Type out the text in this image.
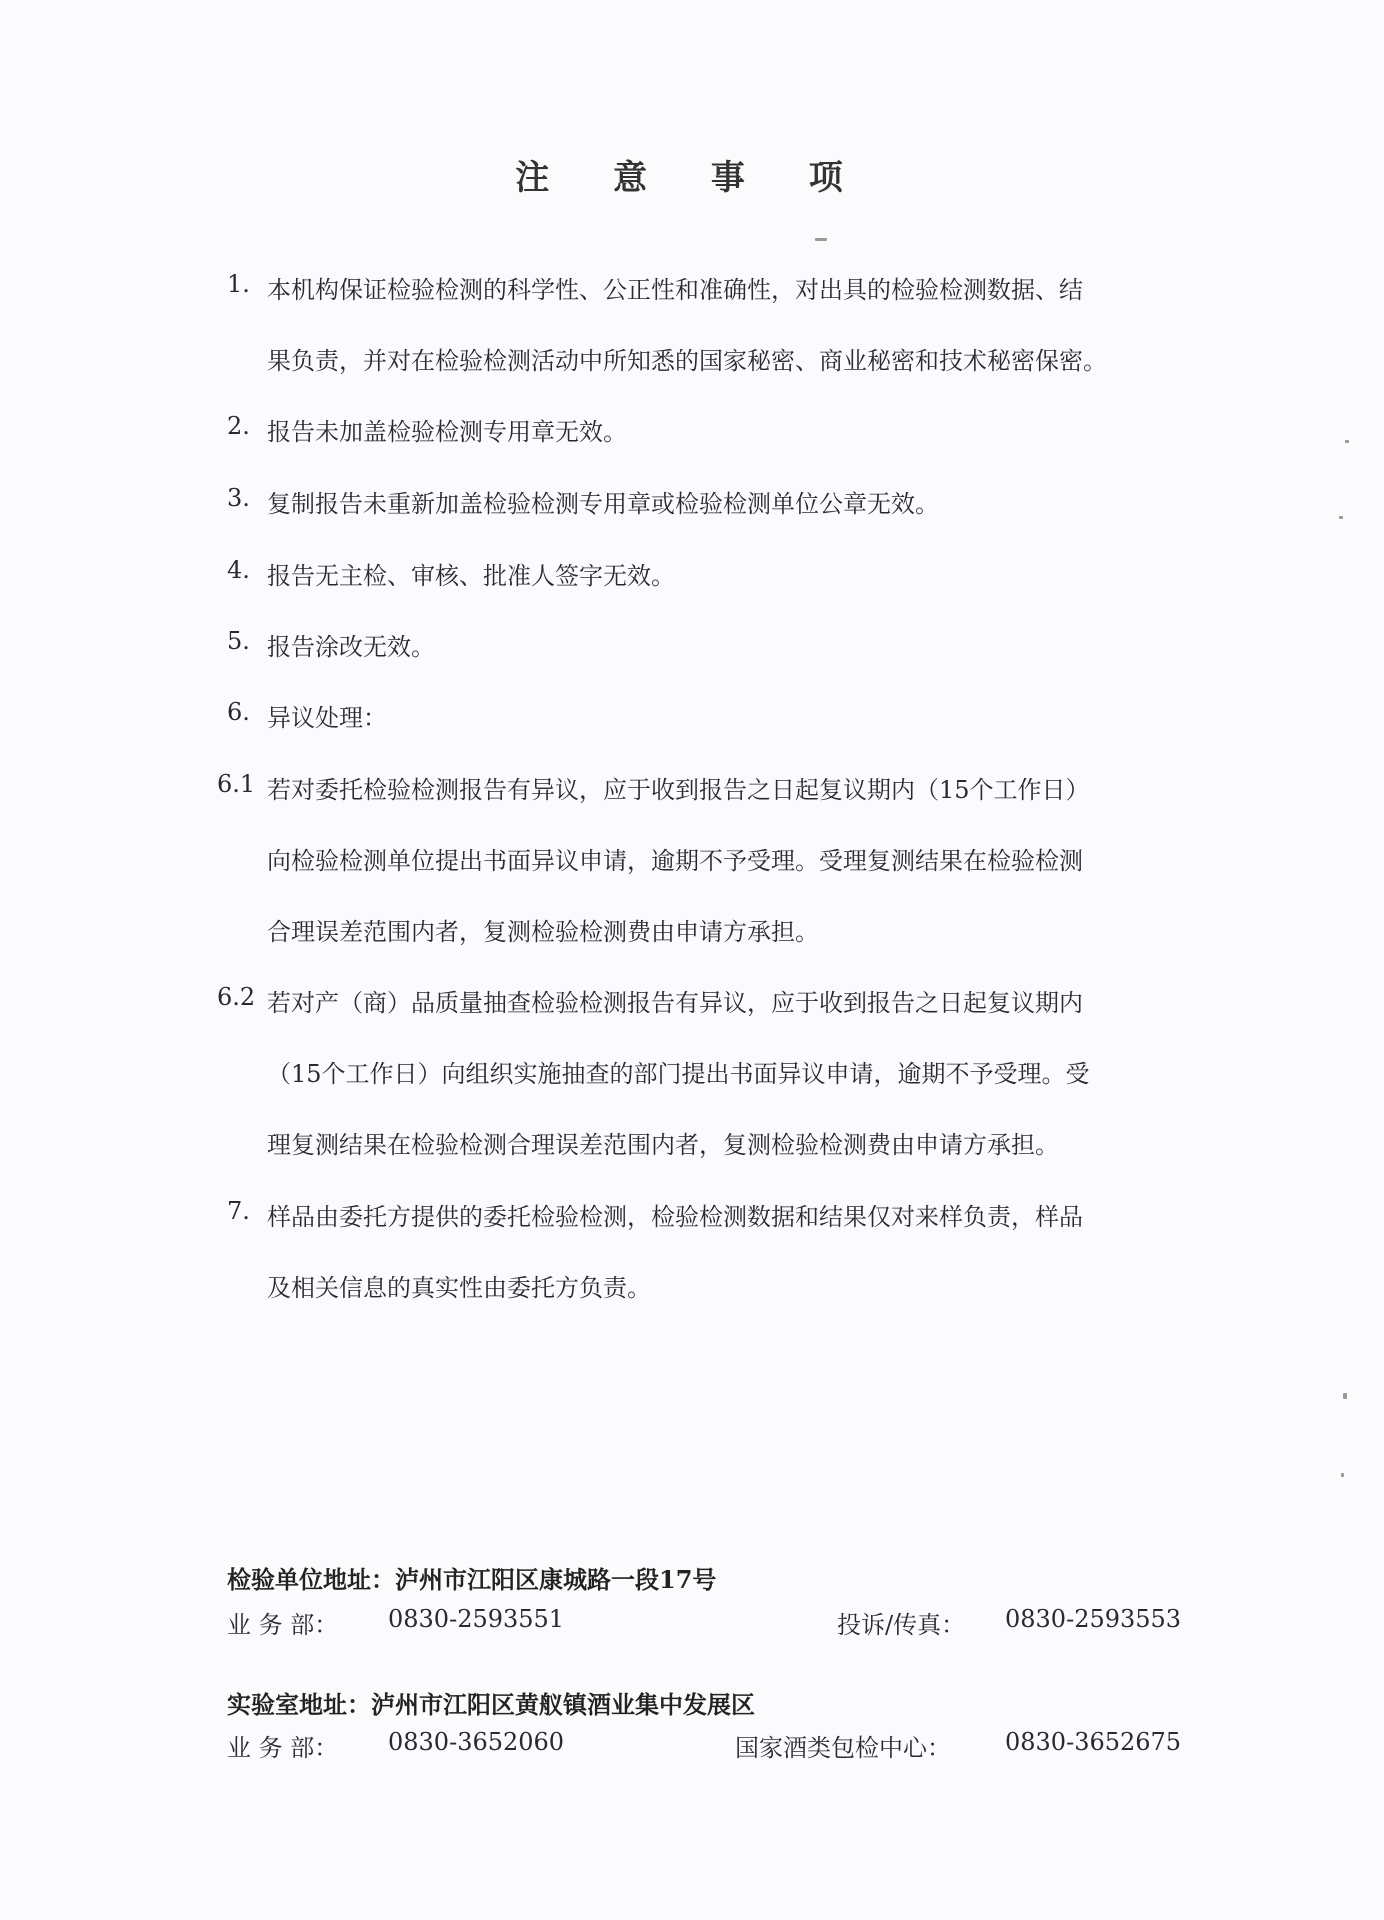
注 意 事 项
1. 本机构保证检验检测的科学性、公正性和准确性，对出具的检验检测数据、结
果负责，并对在检验检测活动中所知悉的国家秘密、商业秘密和技术秘密保密。
2. 报告未加盖检验检测专用章无效。
3. 复制报告未重新加盖检验检测专用章或检验检测单位公章无效。
4. 报告无主检、审核、批准人签字无效。
5. 报告涂改无效。
6. 异议处理：
6.1 若对委托检验检测报告有异议，应于收到报告之日起复议期内（15个工作日）
向检验检测单位提出书面异议申请，逾期不予受理。受理复测结果在检验检测
合理误差范围内者，复测检验检测费由申请方承担。
6.2 若对产（商）品质量抽查检验检测报告有异议，应于收到报告之日起复议期内
（15个工作日）向组织实施抽查的部门提出书面异议申请，逾期不予受理。受
理复测结果在检验检测合理误差范围内者，复测检验检测费由申请方承担。
7. 样品由委托方提供的委托检验检测，检验检测数据和结果仅对来样负责，样品
及相关信息的真实性由委托方负责。
检验单位地址：泸州市江阳区康城路一段17号
业 务 部： 0830-2593551	投诉/传真： 0830-2593553
实验室地址：泸州市江阳区黄舣镇酒业集中发展区
业 务 部： 0830-3652060	国家酒类包检中心： 0830-3652675
